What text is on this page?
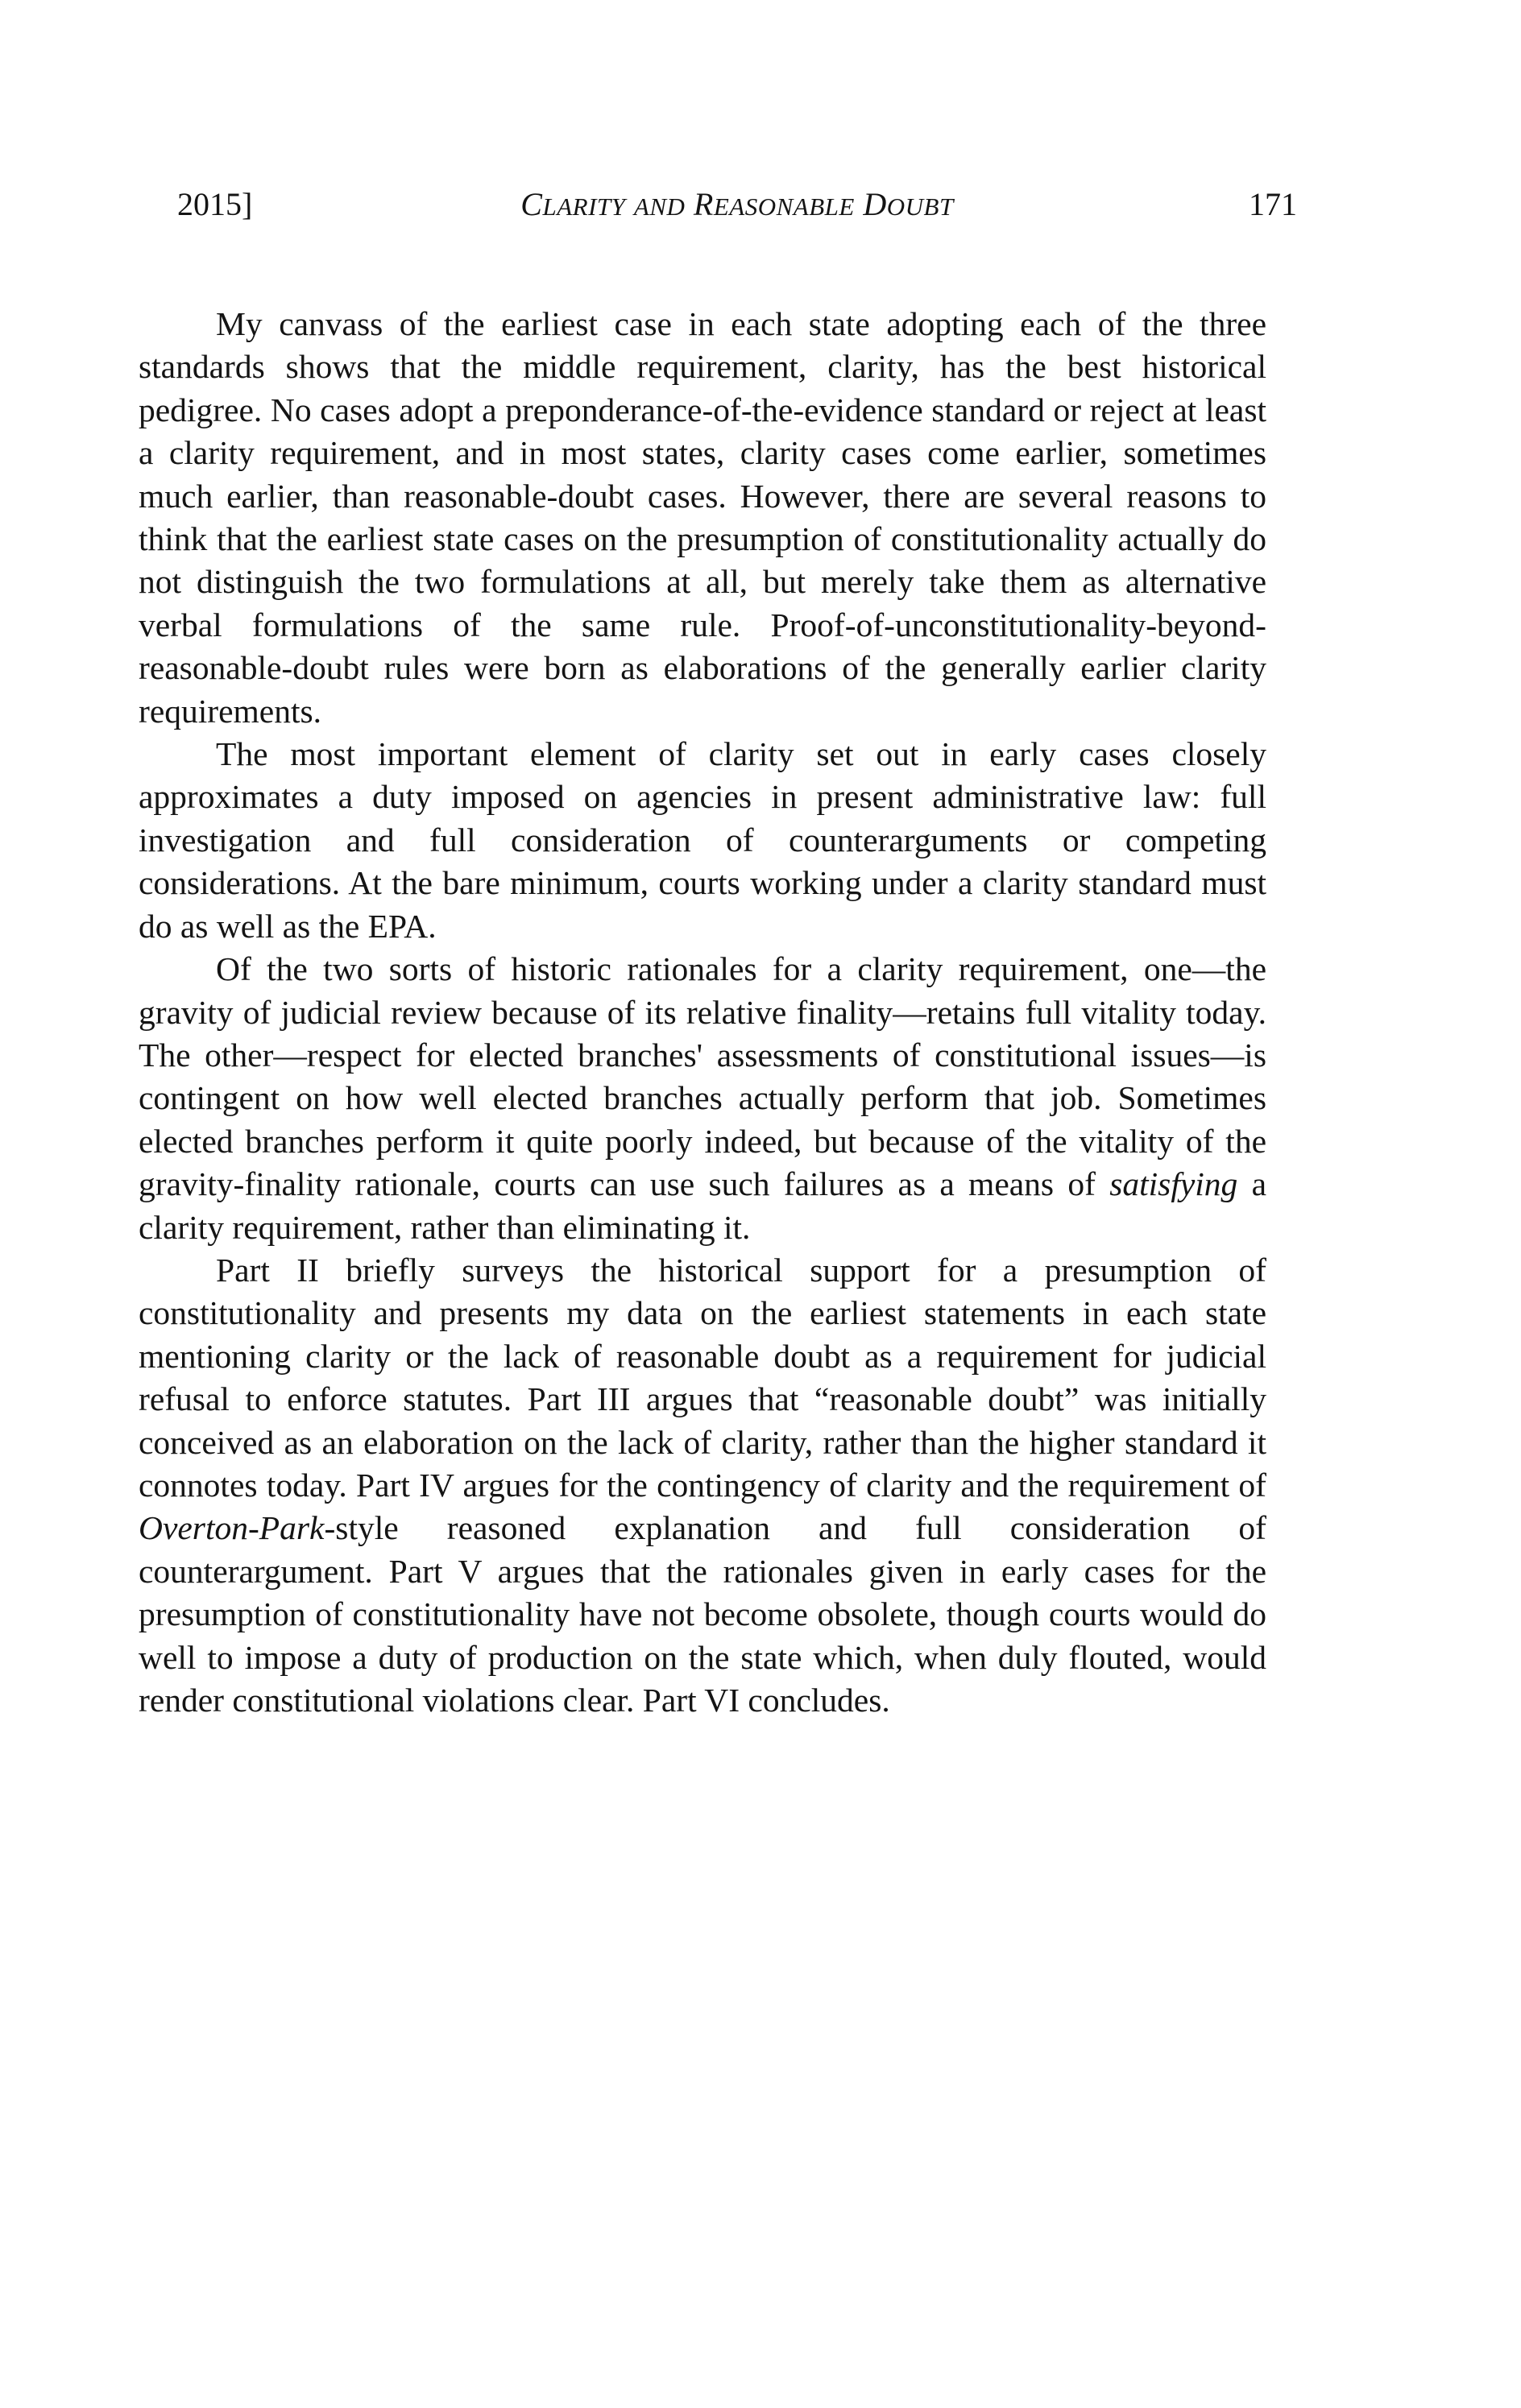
2015]	CLARITY AND REASONABLE DOUBT	171

My canvass of the earliest case in each state adopting each of the three standards shows that the middle requirement, clarity, has the best historical pedigree. No cases adopt a preponderance-of-the-evidence standard or reject at least a clarity requirement, and in most states, clarity cases come earlier, sometimes much earlier, than reasonable-doubt cases. However, there are several reasons to think that the earliest state cases on the presumption of constitutionality actually do not distinguish the two formulations at all, but merely take them as alternative verbal formulations of the same rule. Proof-of-unconstitutionality-beyond-reasonable-doubt rules were born as elaborations of the generally earlier clarity requirements.

The most important element of clarity set out in early cases closely approximates a duty imposed on agencies in present administrative law: full investigation and full consideration of counterarguments or competing considerations. At the bare minimum, courts working under a clarity standard must do as well as the EPA.

Of the two sorts of historic rationales for a clarity requirement, one—the gravity of judicial review because of its relative finality—retains full vitality today. The other—respect for elected branches' assessments of constitutional issues—is contingent on how well elected branches actually perform that job. Sometimes elected branches perform it quite poorly indeed, but because of the vitality of the gravity-finality rationale, courts can use such failures as a means of satisfying a clarity requirement, rather than eliminating it.

Part II briefly surveys the historical support for a presumption of constitutionality and presents my data on the earliest statements in each state mentioning clarity or the lack of reasonable doubt as a requirement for judicial refusal to enforce statutes. Part III argues that “reasonable doubt” was initially conceived as an elaboration on the lack of clarity, rather than the higher standard it connotes today. Part IV argues for the contingency of clarity and the requirement of Overton-Park-style reasoned explanation and full consideration of counterargument. Part V argues that the rationales given in early cases for the presumption of constitutionality have not become obsolete, though courts would do well to impose a duty of production on the state which, when duly flouted, would render constitutional violations clear. Part VI concludes.
